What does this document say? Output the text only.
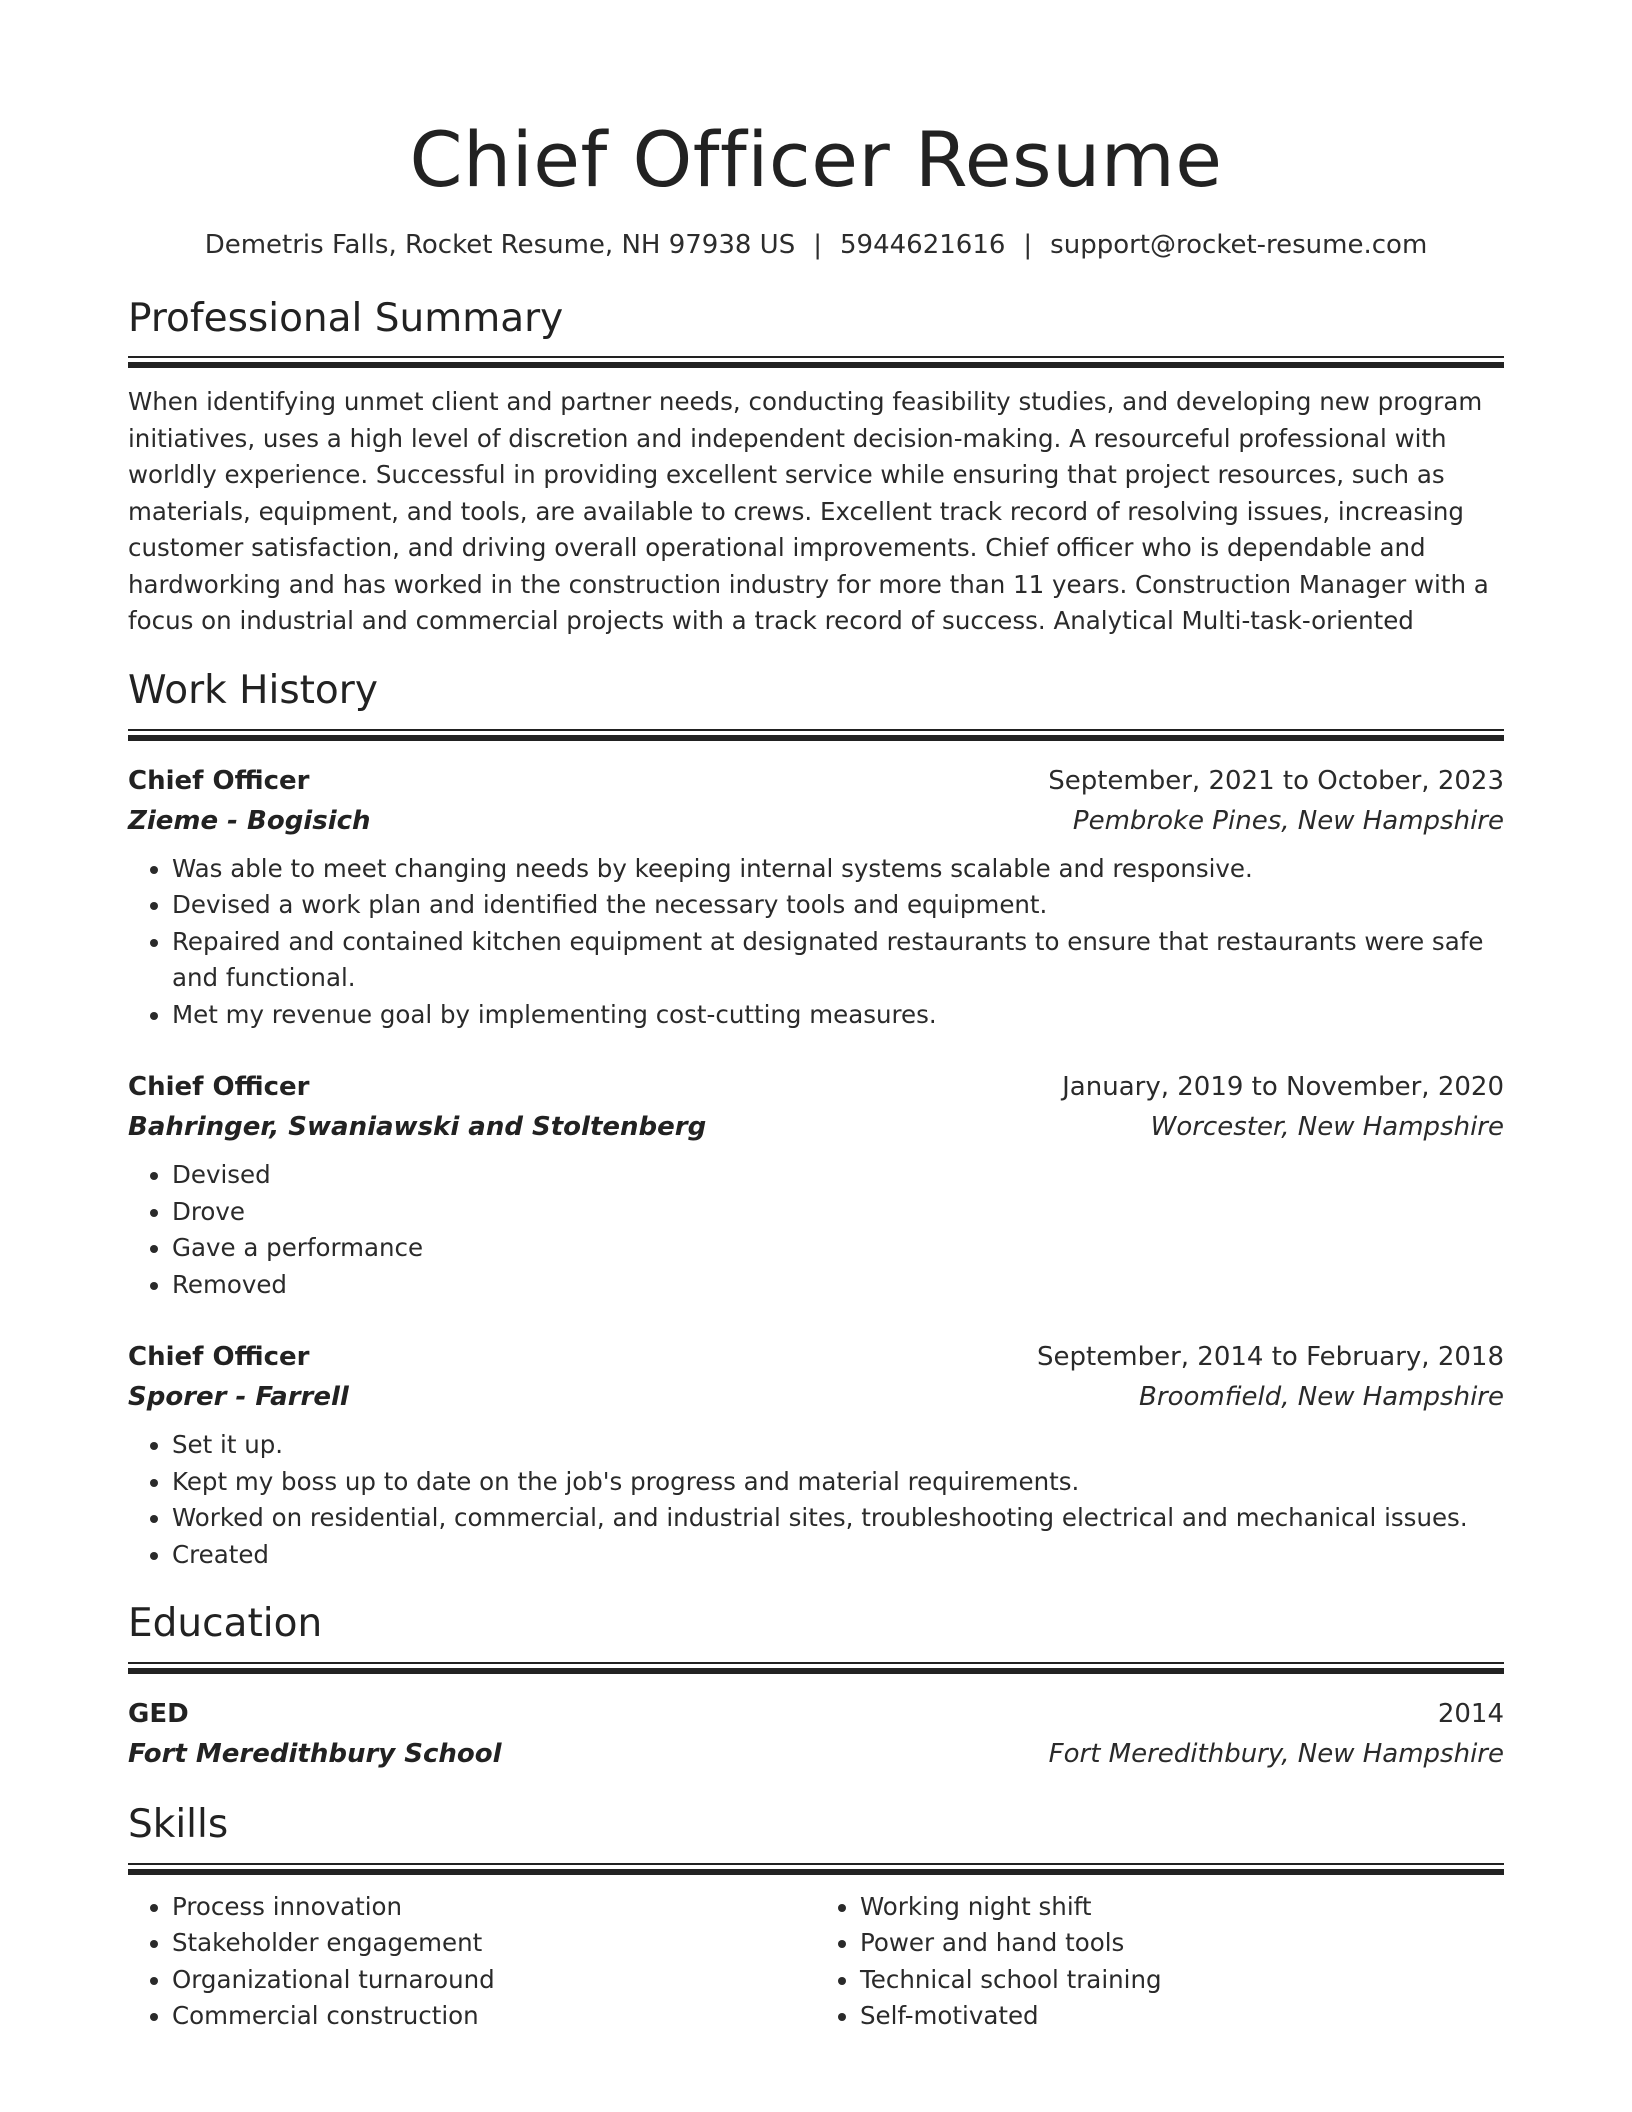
Chief Officer Resume
Demetris Falls, Rocket Resume, NH 97938 US | 5944621616 | support@rocket-resume.com
Professional Summary
When identifying unmet client and partner needs, conducting feasibility studies, and developing new program initiatives, uses a high level of discretion and independent decision-making. A resourceful professional with worldly experience. Successful in providing excellent service while ensuring that project resources, such as materials, equipment, and tools, are available to crews. Excellent track record of resolving issues, increasing customer satisfaction, and driving overall operational improvements. Chief officer who is dependable and hardworking and has worked in the construction industry for more than 11 years. Construction Manager with a focus on industrial and commercial projects with a track record of success. Analytical Multi-task-oriented
Work History
Chief Officer	September, 2021 to October, 2023
Zieme - Bogisich	Pembroke Pines, New Hampshire
• Was able to meet changing needs by keeping internal systems scalable and responsive.
• Devised a work plan and identified the necessary tools and equipment.
• Repaired and contained kitchen equipment at designated restaurants to ensure that restaurants were safe and functional.
• Met my revenue goal by implementing cost-cutting measures.
Chief Officer	January, 2019 to November, 2020
Bahringer, Swaniawski and Stoltenberg	Worcester, New Hampshire
• Devised
• Drove
• Gave a performance
• Removed
Chief Officer	September, 2014 to February, 2018
Sporer - Farrell	Broomfield, New Hampshire
• Set it up.
• Kept my boss up to date on the job's progress and material requirements.
• Worked on residential, commercial, and industrial sites, troubleshooting electrical and mechanical issues.
• Created
Education
GED	2014
Fort Meredithbury School	Fort Meredithbury, New Hampshire
Skills
• Process innovation
• Stakeholder engagement
• Organizational turnaround
• Commercial construction
• Working night shift
• Power and hand tools
• Technical school training
• Self-motivated
